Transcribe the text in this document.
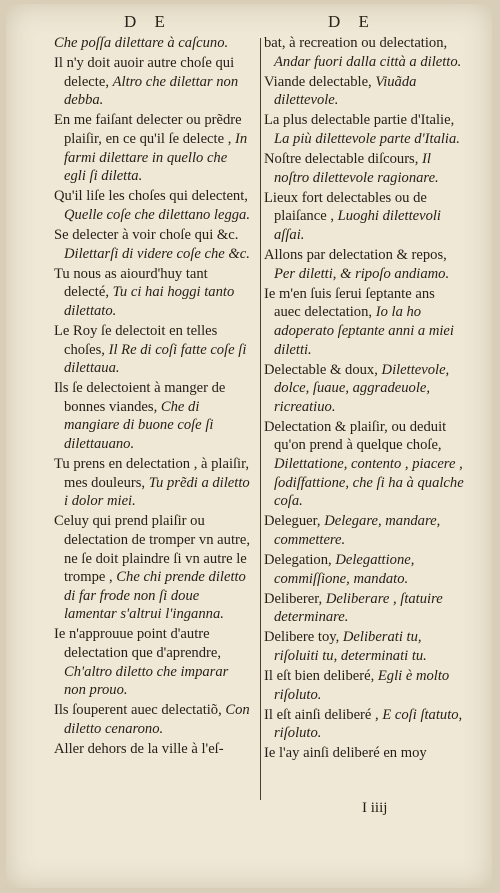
D E	D E

Che poſſa dilettare à caſcuno.

Il n'y doit auoir autre choſe qui delecte, Altro che dilettar non debba.

En me faiſant delecter ou prẽdre plaiſir, en ce qu'il ſe delecte , In farmi dilettare in quello che egli ſi diletta.

Qu'il liſe les choſes qui delectent, Quelle coſe che dilettano legga.

Se delecter à voir choſe qui &c. Dilettarſi di videre coſe che &c.

Tu nous as aiourd'huy tant delecté, Tu ci hai hoggi tanto dilettato.

Le Roy ſe delectoit en telles choſes, Il Re di coſi fatte coſe ſi dilettaua.

Ils ſe delectoient à manger de bonnes viandes, Che di mangiare di buone coſe ſi dilettauano.

Tu prens en delectation , à plaiſir, mes douleurs, Tu prẽdi a diletto i dolor miei.

Celuy qui prend plaiſir ou delectation de tromper vn autre, ne ſe doit plaindre ſi vn autre le trompe , Che chi prende diletto di far frode non ſi doue lamentar s'altrui l'inganna.

Ie n'approuue point d'autre delectation que d'aprendre, Ch'altro diletto che imparar non prouo.

Ils ſouperent auec delectatiõ, Con diletto cenarono.

Aller dehors de la ville à l'eſ-

bat, à recreation ou delectation, Andar fuori dalla città a diletto.

Viande delectable, Viuãda dilettevole.

La plus delectable partie d'Italie, La più dilettevole parte d'Italia.

Noſtre delectable diſcours, Il noſtro dilettevole ragionare.

Lieux fort delectables ou de plaiſance , Luoghi dilettevoli aſſai.

Allons par delectation & repos, Per diletti, & ripoſo andiamo.

Ie m'en ſuis ſerui ſeptante ans auec delectation, Io la ho adoperato ſeptante anni a miei diletti.

Delectable & doux, Dilettevole, dolce, ſuaue, aggradeuole, ricreatiuo.

Delectation & plaiſir, ou deduit qu'on prend à quelque choſe, Dilettatione, contento , piacere , ſodiſfattione, che ſi ha à qualche coſa.

Deleguer, Delegare, mandare, commettere.

Delegation, Delegattione, commiſſione, mandato.

Deliberer, Deliberare , ſtatuire determinare.

Delibere toy, Deliberati tu, riſoluiti tu, determinati tu.

Il eſt bien deliberé, Egli è molto riſoluto.

Il eſt ainſi deliberé , E coſi ſtatuto, riſoluto.

Ie l'ay ainſi deliberé en moy

I iiij
